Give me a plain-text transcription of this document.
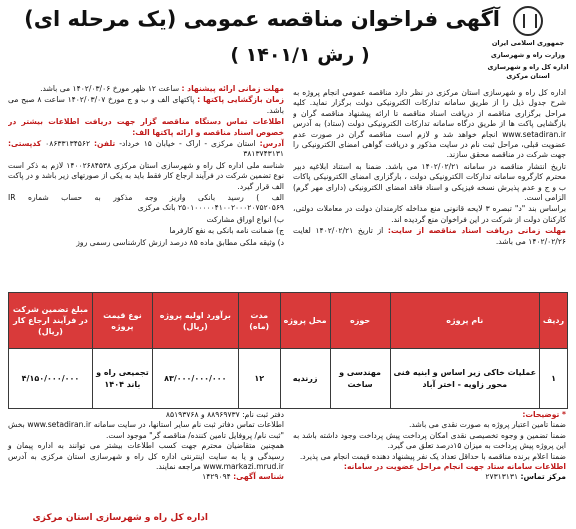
جمهوری اسلامی ایران
وزارت راه و شهرسازی
اداره کل راه و شهرسازی استان مرکزی
آگهی فراخوان مناقصه عمومی (یک مرحله ای)
( رش ۱۴۰۱/۱ )

اداره کل راه و شهرسازی استان مرکزی در نظر دارد مناقصه عمومی انجام پروژه به شرح جدول ذیل را از طریق سامانه تدارکات الکترونیکی دولت برگزار نماید. کلیه مراحل برگزاری مناقصه از دریافت اسناد مناقصه تا ارائه پیشنهاد مناقصه گران و بازگشایی پاکت ها از طریق درگاه سامانه تدارکات الکترونیکی دولت (ستاد) به آدرس www.setadiran.ir انجام خواهد شد و لازم است مناقصه گران در صورت عدم عضویت قبلی، مراحل ثبت نام در سایت مذکور و دریافت گواهی امضای الکترونیکی را جهت شرکت در مناقصه محقق سازند.

تاریخ انتشار مناقصه در سامانه ۱۴۰۲/۰۲/۲۱ می باشد. ضمنا به استناد ابلاغیه دبیر محترم کارگروه سامانه تدارکات الکترونیکی دولت ، بارگزاری امضای الکترونیکی پاکات ب و ج و عدم پذیرش نسخه فیزیکی و اسناد فاقد امضای الکترونیکی (دارای مهر گرم) الزامی است.

براساس بند "د" تبصره ۳ لایحه قانونی منع مداخله کارمندان دولت در معاملات دولتی، کارکنان دولت از شرکت در این فراخوان منع گردیده اند.

مهلت زمانی دریافت اسناد مناقصه از سایت: از تاریخ ۱۴۰۲/۰۲/۲۱ لغایت ۱۴۰۲/۰۲/۲۶ می باشد.

مهلت زمانی ارائه پیشنهاد : ساعت ۱۲ ظهر مورخ ۱۴۰۲/۰۳/۰۶ می باشد.

زمان بازگشایی پاکتها : پاکتهای الف و ب و ج مورخ ۱۴۰۲/۰۳/۰۷ ساعت ۸ صبح می باشد.

اطلاعات تماس دستگاه مناقصه گزار جهت دریافت اطلاعات بیشتر در خصوص اسناد مناقصه و ارائه پاکتها الف:

آدرس: استان مرکزی - اراک - خیابان ۱۵ خرداد- تلفن: ۰۸۶۳۳۱۳۴۵۶۲ کدپستی: ۳۸۱۳۷۴۳۱۳۱

شناسه ملی اداره کل راه و شهرسازی استان مرکزی ۱۴۰۰۲۶۸۴۵۳۸ لازم به ذکر است نوع تضمین شرکت در فرآیند ارجاع کار فقط باید به یکی از صورتهای زیر باشد و در پاکت الف قرار گیرد.

الف ) رسید بانکی واریز وجه مذکور به حساب شماره IR ۲۵۰۱۰۰۰۰۰۴۱۰۰۲۰۰۰۲۰۷۵۲۰۵۶۹ بانک مرکزی

ب) انواع اوراق مشارکت

ج) ضمانت نامه بانکی به نفع کارفرما

د) وثیقه ملکی مطابق ماده ۸۵ درصد ارزش کارشناسی رسمی روز

ردیف	نام پروژه	حوزه	محل پروژه	مدت (ماه)	برآورد اولیه پروژه (ریال)	نوع قیمت پروژه	مبلغ تضمین شرکت در فرآیند ارجاع کار (ریال)
۱	عملیات خاکی زیر اساس و ابنیه فنی محور زاویه - اختر آباد	مهندسی و ساخت	زرندیه	۱۲	۸۳/۰۰۰/۰۰۰/۰۰۰	تجمیعی راه و باند ۱۴۰۴	۴/۱۵۰/۰۰۰/۰۰۰

* توضیحات:

ضمنا تامین اعتبار پروژه به صورت نقدی می باشد.

ضمنا تضمین و وجوه تخصیصی نقدی امکان پرداخت پیش پرداخت وجود داشته باشد به این پروژه پیش پرداخت به میزان ۱۵درصد تعلق می گیرد.

ضمنا اعلام برنده مناقصه با حداقل تعداد یک نفر پیشنهاد دهنده قیمت انجام می پذیرد.

اطلاعات سامانه ستاد جهت انجام مراحل عضویت در سامانه:

مرکز تماس: ۲۷۳۱۳۱۳۱

دفتر ثبت نام: ۸۸۹۶۹۷۳۷ و ۸۵۱۹۳۷۶۸

اطلاعات تماس دفاتر ثبت نام سایر استانها، در سایت سامانه www.setadiran.ir بخش "ثبت نام/ پروفایل تامین کننده/ مناقصه گر" موجود است.

همچنین متقاضیان محترم جهت کسب اطلاعات بیشتر می توانند به اداره پیمان و رسیدگی و یا به سایت اینترنتی اداره کل راه و شهرسازی استان مرکزی به آدرس www.markazi.mrud.ir مراجعه نمایند.

شناسه آگهی: ۱۴۲۹۰۹۴

اداره کل راه و شهرسازی استان مرکزی
